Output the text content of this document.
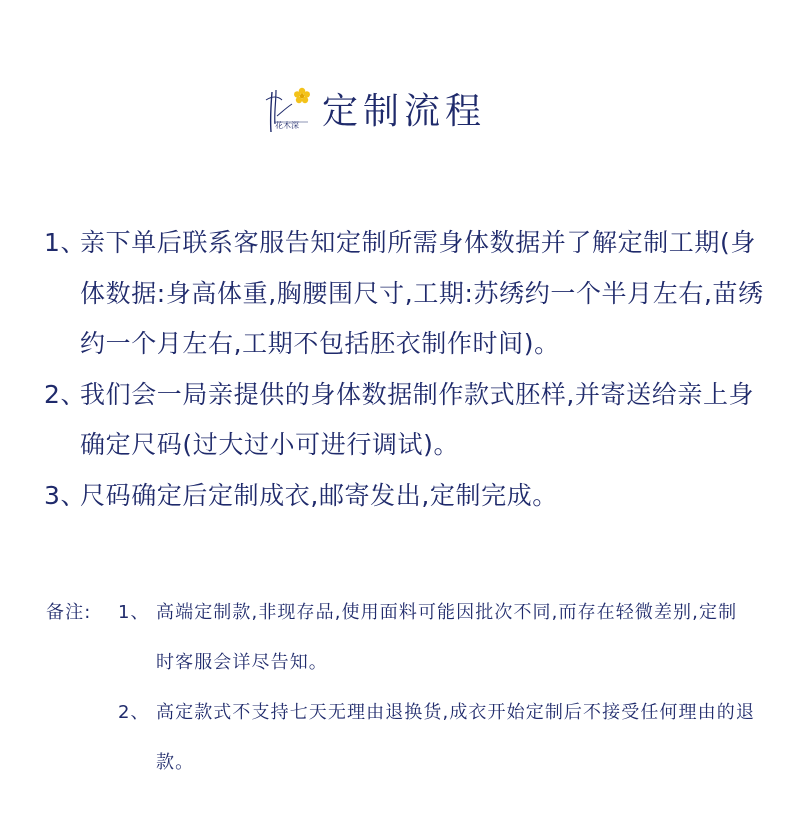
花木深 定制流程
1、
亲下单后联系客服告知定制所需身体数据并了解定制工期(身体数据:身高体重,胸腰围尺寸,工期:苏绣约一个半月左右,苗绣约一个月左右,工期不包括胚衣制作时间)。
2、
我们会一局亲提供的身体数据制作款式胚样,并寄送给亲上身确定尺码(过大过小可进行调试)。
3、
尺码确定后定制成衣,邮寄发出,定制完成。
备注:	1、 高端定制款,非现存品,使用面料可能因批次不同,而存在轻微差别,定制时客服会详尽告知。
2、 高定款式不支持七天无理由退换货,成衣开始定制后不接受任何理由的退款。
